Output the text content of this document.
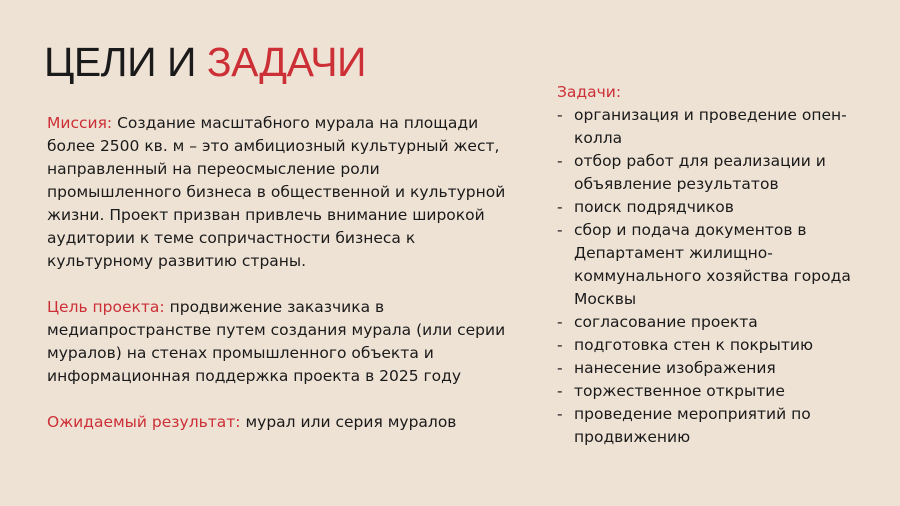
ЦЕЛИ И ЗАДАЧИ

Миссия: Создание масштабного мурала на площади более 2500 кв. м – это амбициозный культурный жест, направленный на переосмысление роли промышленного бизнеса в общественной и культурной жизни. Проект призван привлечь внимание широкой аудитории к теме сопричастности бизнеса к культурному развитию страны.

Цель проекта: продвижение заказчика в медиапространстве путем создания мурала (или серии муралов) на стенах промышленного объекта и информационная поддержка проекта в 2025 году

Ожидаемый результат: мурал или серия муралов

Задачи:
- организация и проведение опен-колла
- отбор работ для реализации и объявление результатов
- поиск подрядчиков
- сбор и подача документов в Департамент жилищно-коммунального хозяйства города Москвы
- согласование проекта
- подготовка стен к покрытию
- нанесение изображения
- торжественное открытие
- проведение мероприятий по продвижению
